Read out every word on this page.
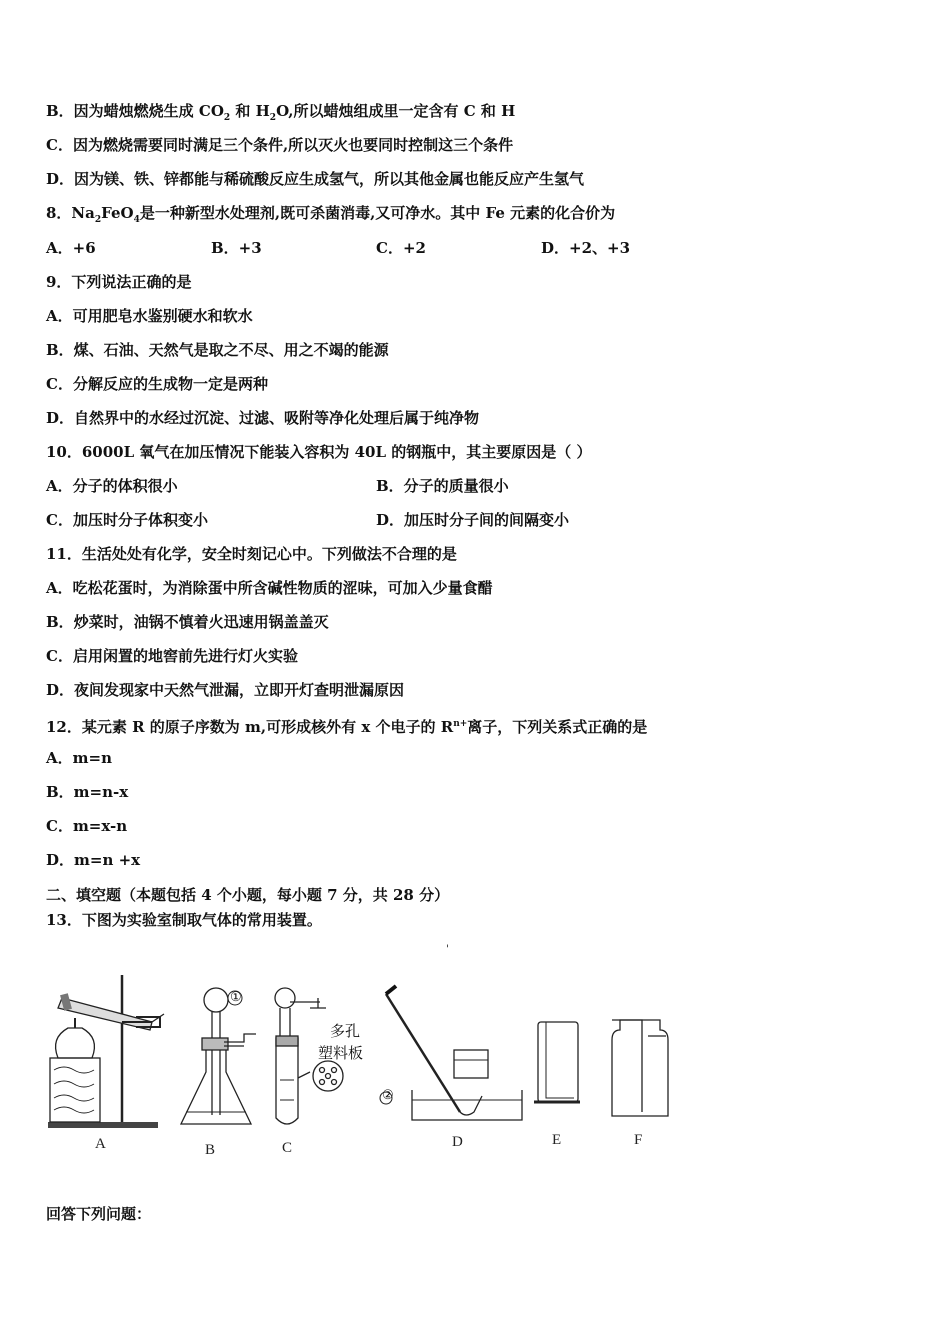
B．因为蜡烛燃烧生成 $CO_2$ 和 $H_2O$,所以蜡烛组成里一定含有 C 和 H
C．因为燃烧需要同时满足三个条件,所以灭火也要同时控制这三个条件
D．因为镁、铁、锌都能与稀硫酸反应生成氢气，所以其他金属也能反应产生氢气
8．$Na_2FeO_4$是一种新型水处理剂,既可杀菌消毒,又可净水。其中 Fe 元素的化合价为
A．+6	B．+3	C．+2	D．+2、+3
9．下列说法正确的是
A．可用肥皂水鉴别硬水和软水
B．煤、石油、天然气是取之不尽、用之不竭的能源
C．分解反应的生成物一定是两种
D．自然界中的水经过沉淀、过滤、吸附等净化处理后属于纯净物
10．6000L 氧气在加压情况下能装入容积为 40L 的钢瓶中，其主要原因是（ ）
A．分子的体积很小	B．分子的质量很小
C．加压时分子体积变小	D．加压时分子间的间隔变小
11．生活处处有化学，安全时刻记心中。下列做法不合理的是
A．吃松花蛋时，为消除蛋中所含碱性物质的涩味，可加入少量食醋
B．炒菜时，油锅不慎着火迅速用锅盖盖灭
C．启用闲置的地窖前先进行灯火实验
D．夜间发现家中天然气泄漏，立即开灯查明泄漏原因
12．某元素 R 的原子序数为 m,可形成核外有 x 个电子的 $R^{n+}$离子，下列关系式正确的是
A．m=n
B．m=n-x
C．m=x-n
D．m=n +x
二、填空题（本题包括 4 个小题，每小题 7 分，共 28 分）
13．下图为实验室制取气体的常用装置。
'
①
②
多孔
塑料板
A	B	C	D	E	F
回答下列问题：
